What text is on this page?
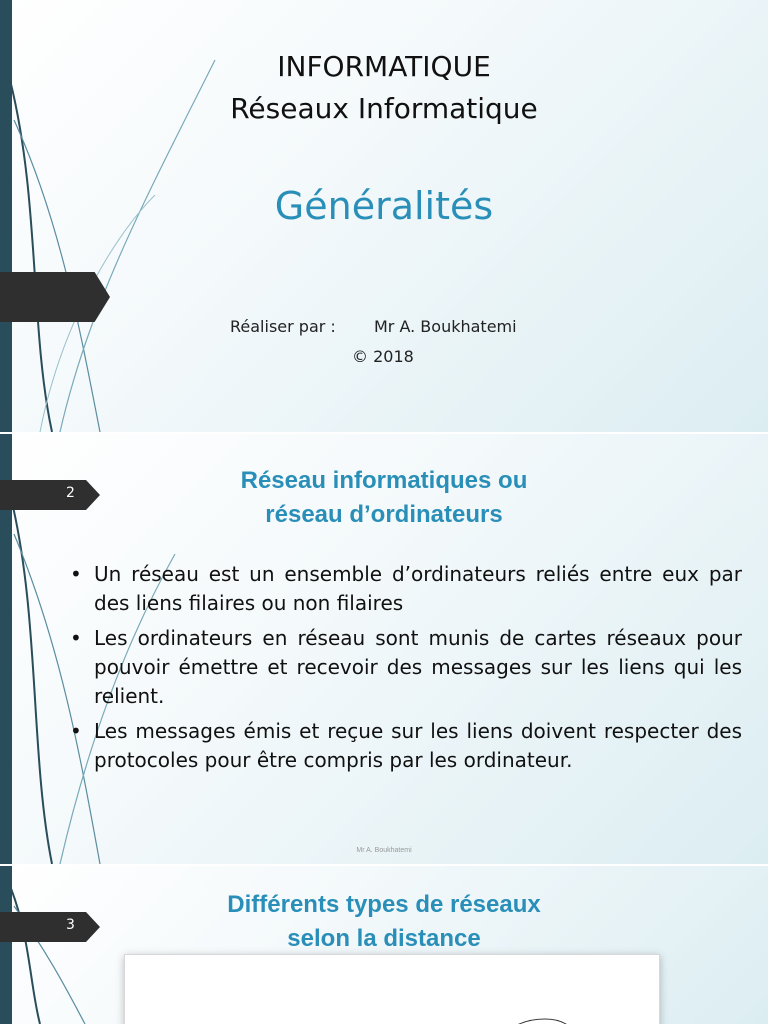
INFORMATIQUE
Réseaux Informatique
Généralités
Réaliser par : Mr A. Boukhatemi
© 2018
2	Réseau informatiques ou
réseau d’ordinateurs
• Un réseau est un ensemble d’ordinateurs reliés entre eux par des liens filaires ou non filaires
• Les ordinateurs en réseau sont munis de cartes réseaux pour pouvoir émettre et recevoir des messages sur les liens qui les relient.
• Les messages émis et reçue sur les liens doivent respecter des protocoles pour être compris par les ordinateur.
Mr A. Boukhatemi
3
Différents types de réseaux
selon la distance
